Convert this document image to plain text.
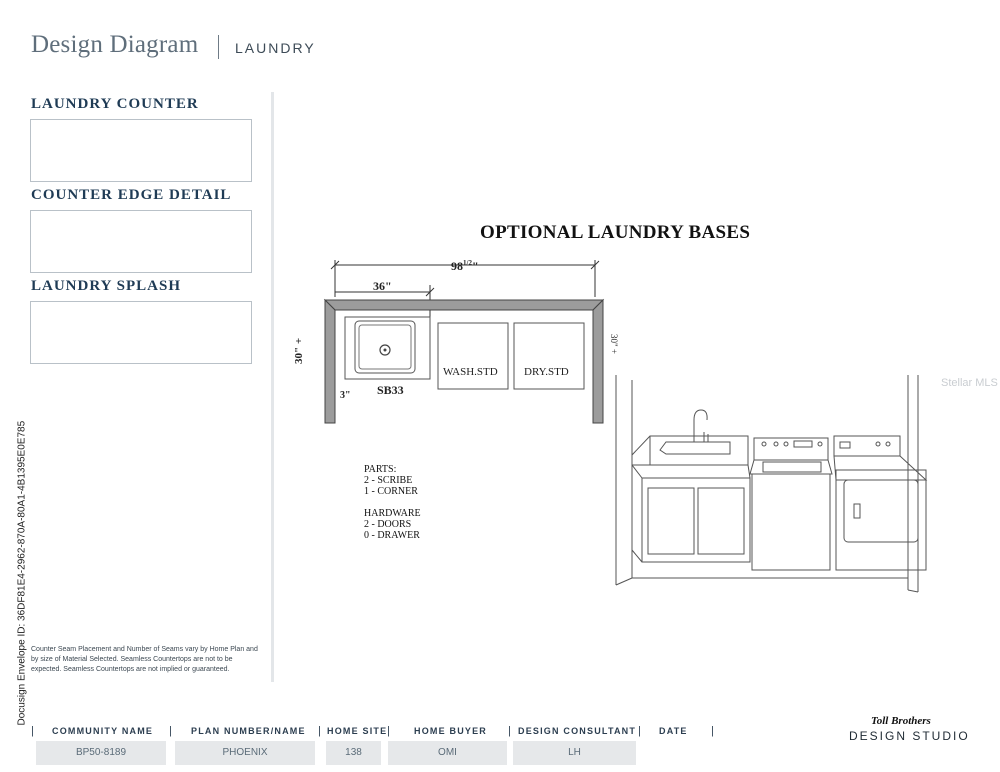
Design Diagram	LAUNDRY
LAUNDRY COUNTER
COUNTER EDGE DETAIL
LAUNDRY SPLASH
Counter Seam Placement and Number of Seams vary by Home Plan and by size of Material Selected. Seamless Countertops are not to be expected. Seamless Countertops are not implied or guaranteed.
Docusign Envelope ID: 36DF81E4-2962-870A-80A1-4B1395E0E785
OPTIONAL LAUNDRY BASES
$98^{1/2}$"
36"
30" +	30" +
3" SB33
WASH.STD DRY.STD
PARTS:
2 - SCRIBE
1 - CORNER
HARDWARE
2 - DOORS
0 - DRAWER
Stellar MLS
| COMMUNITY NAME | PLAN NUMBER/NAME | HOME SITE |	HOME BUYER | DESIGN CONSULTANT | DATE |
BP50-8189	PHOENIX	138	OMI	LH
Toll Brothers
DESIGN STUDIO
